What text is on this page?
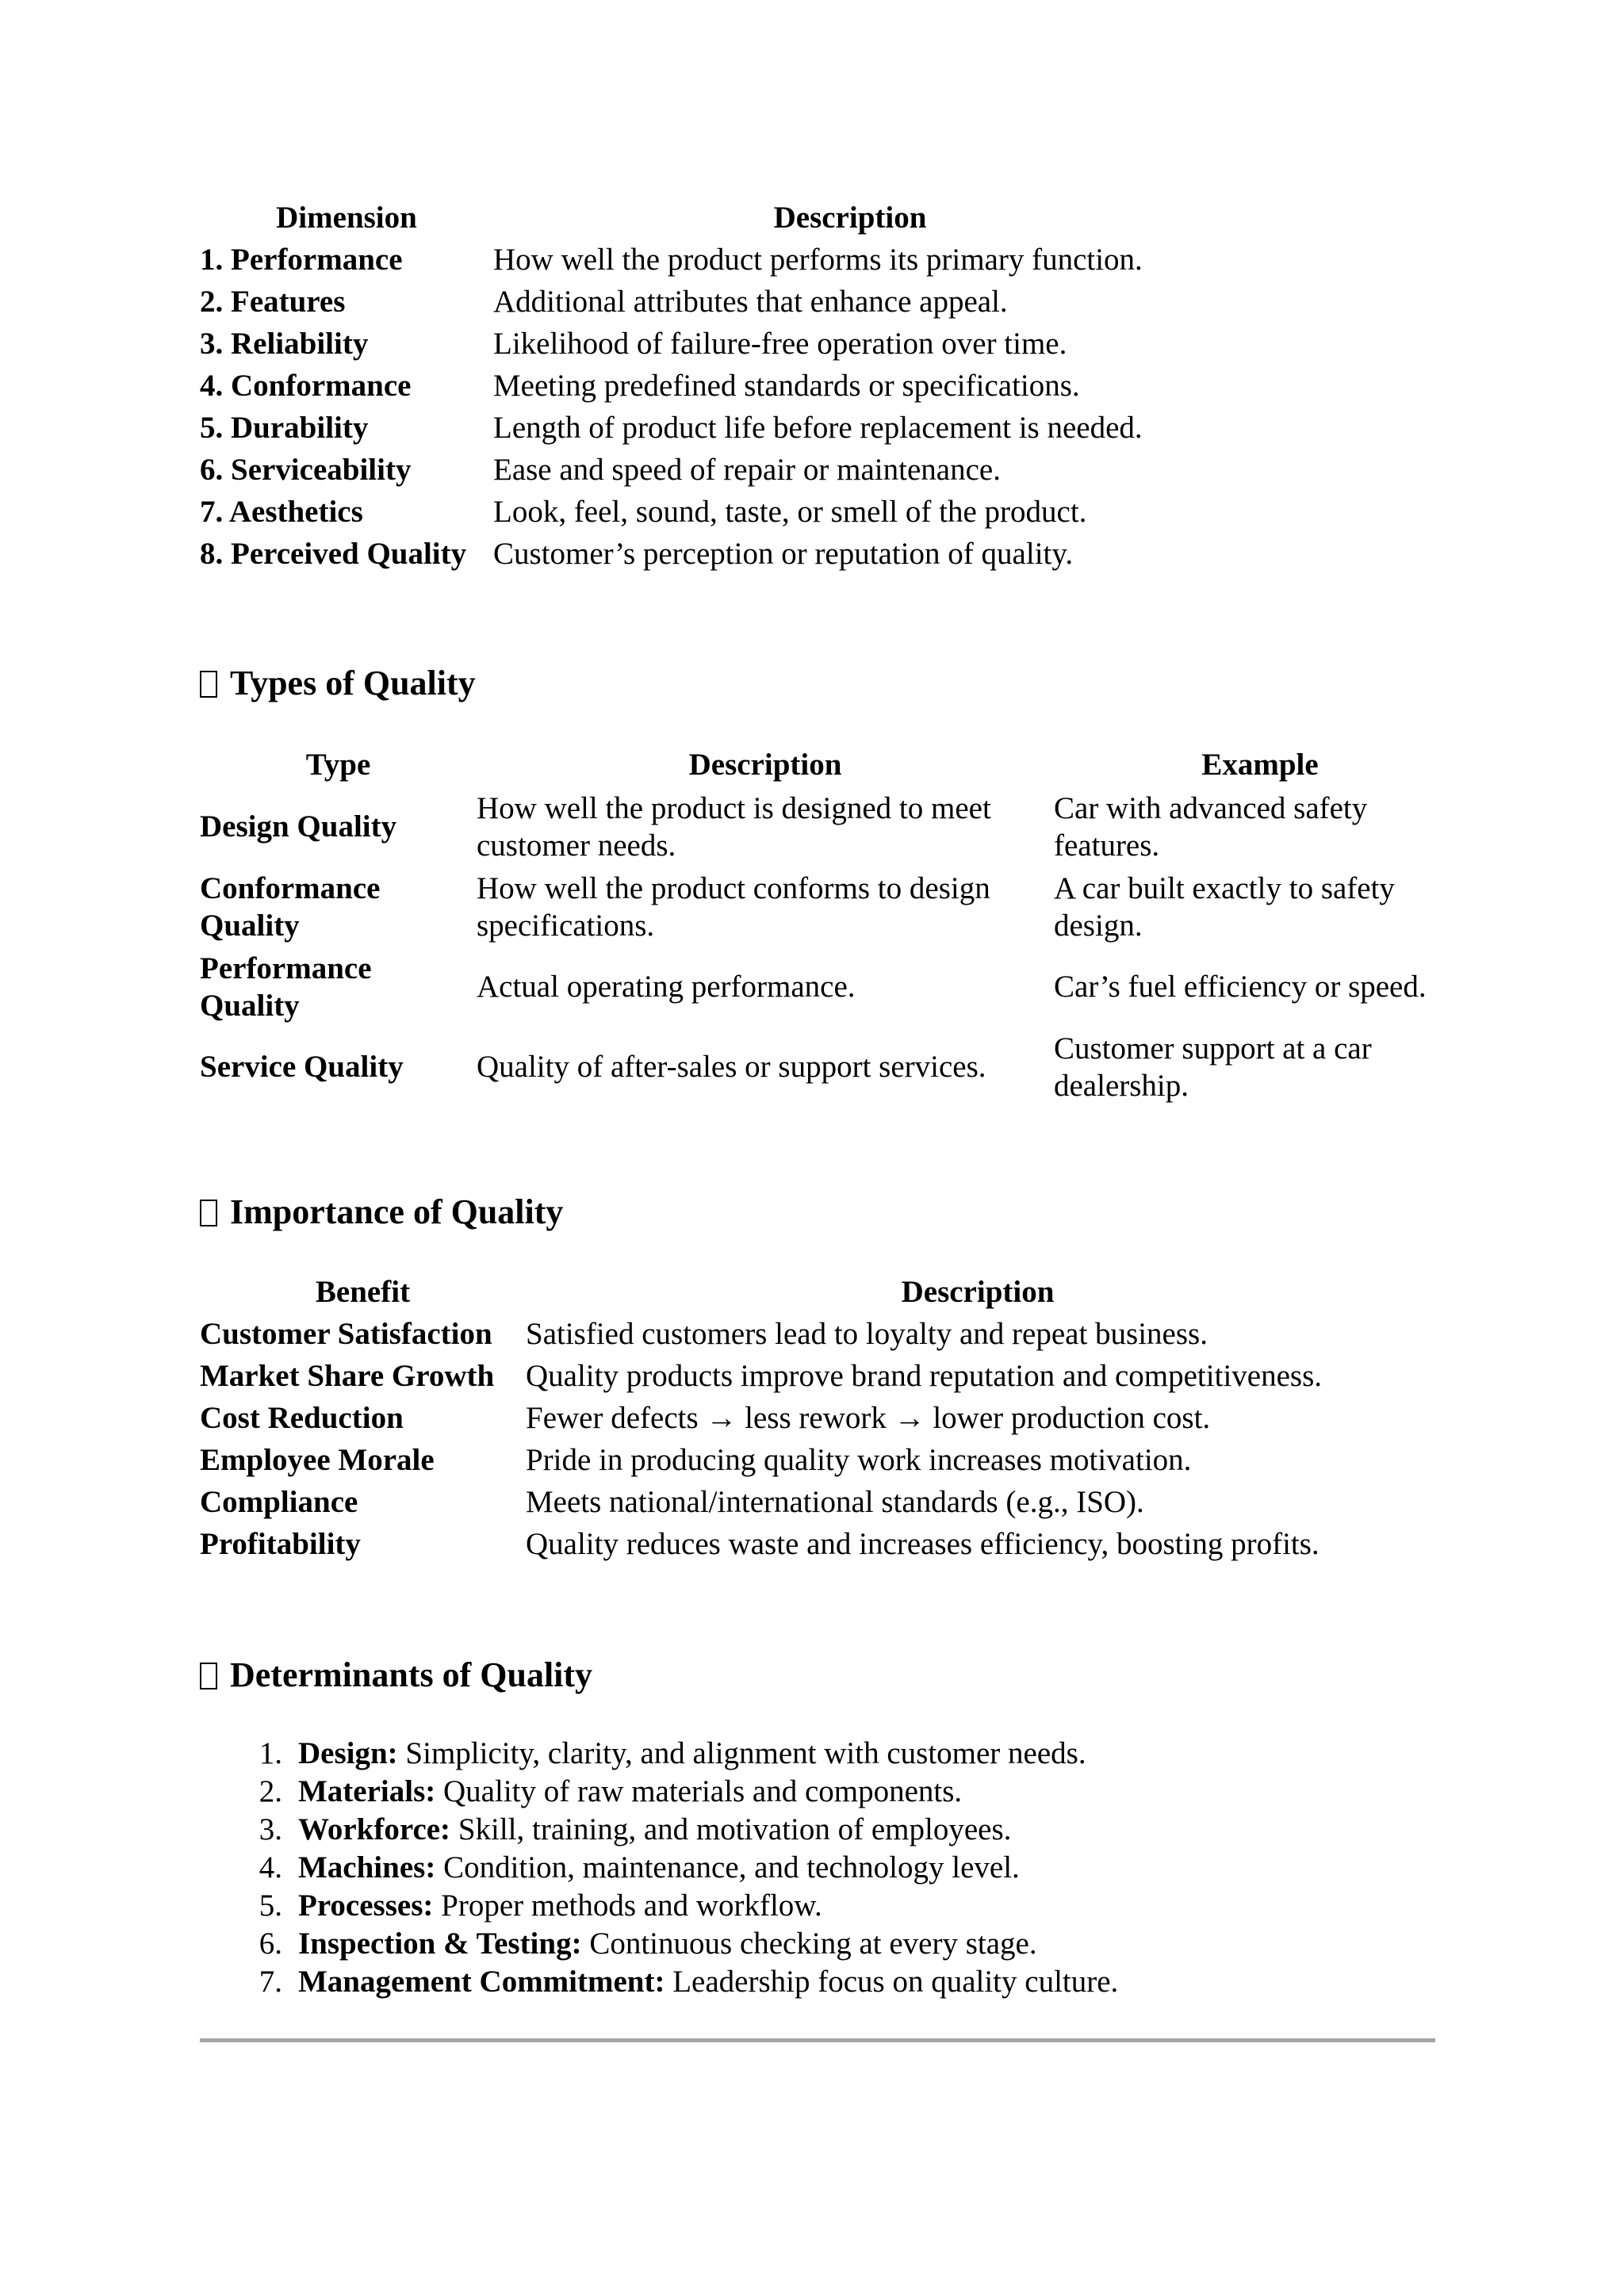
Dimension	Description
1. Performance	How well the product performs its primary function.
2. Features	Additional attributes that enhance appeal.
3. Reliability	Likelihood of failure-free operation over time.
4. Conformance	Meeting predefined standards or specifications.
5. Durability	Length of product life before replacement is needed.
6. Serviceability	Ease and speed of repair or maintenance.
7. Aesthetics	Look, feel, sound, taste, or smell of the product.
8. Perceived Quality	Customer’s perception or reputation of quality.
Types of Quality
Type	Description	Example
Design Quality	How well the product is designed to meet customer needs.	Car with advanced safety features.
Conformance Quality	How well the product conforms to design specifications.	A car built exactly to safety design.
Performance Quality	Actual operating performance.	Car’s fuel efficiency or speed.
Service Quality	Quality of after-sales or support services.	Customer support at a car dealership.
Importance of Quality
Benefit	Description
Customer Satisfaction	Satisfied customers lead to loyalty and repeat business.
Market Share Growth	Quality products improve brand reputation and competitiveness.
Cost Reduction	Fewer defects → less rework → lower production cost.
Employee Morale	Pride in producing quality work increases motivation.
Compliance	Meets national/international standards (e.g., ISO).
Profitability	Quality reduces waste and increases efficiency, boosting profits.
Determinants of Quality
1. Design: Simplicity, clarity, and alignment with customer needs.
2. Materials: Quality of raw materials and components.
3. Workforce: Skill, training, and motivation of employees.
4. Machines: Condition, maintenance, and technology level.
5. Processes: Proper methods and workflow.
6. Inspection & Testing: Continuous checking at every stage.
7. Management Commitment: Leadership focus on quality culture.
